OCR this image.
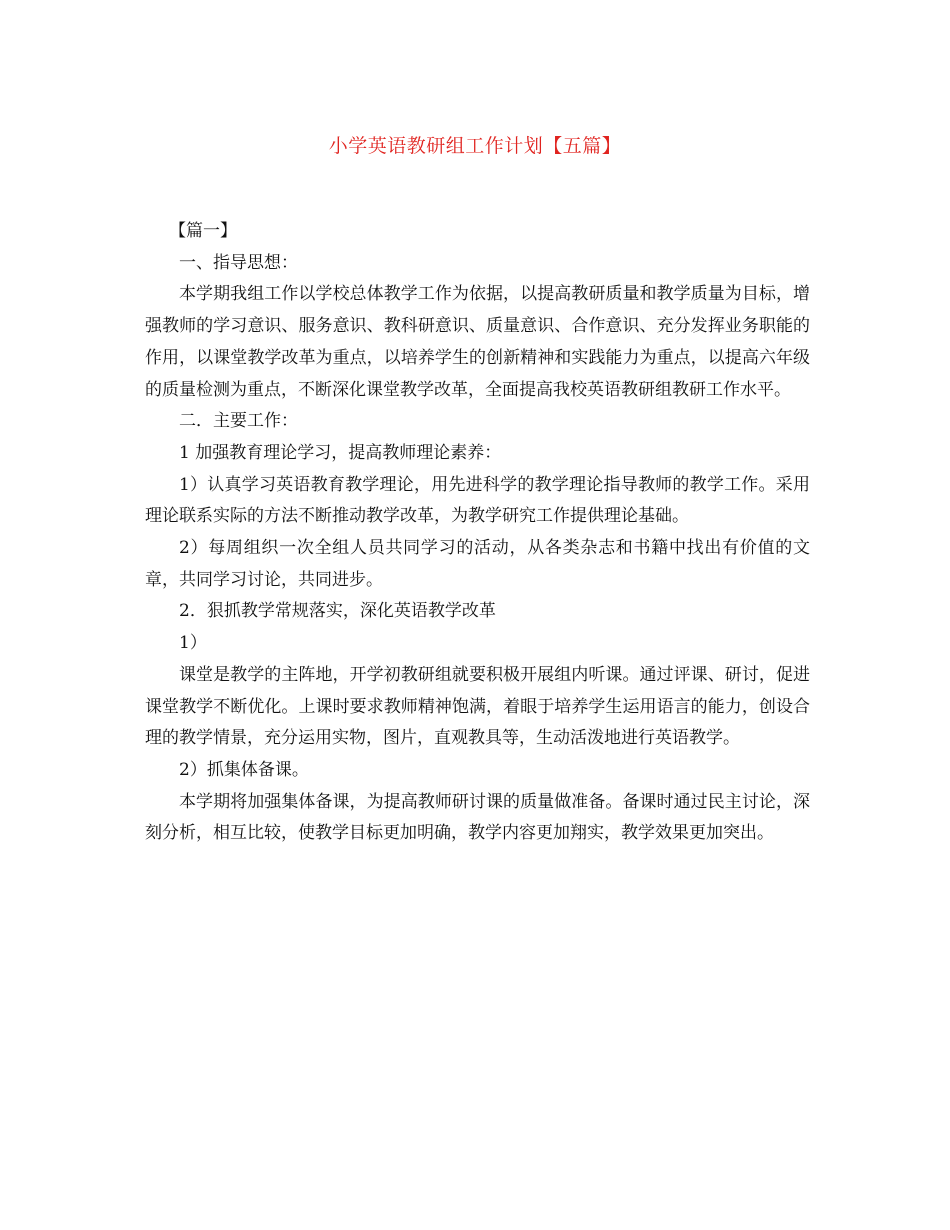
小学英语教研组工作计划【五篇】

【篇一】

一、指导思想：

本学期我组工作以学校总体教学工作为依据，以提高教研质量和教学质量为目标，增强教师的学习意识、服务意识、教科研意识、质量意识、合作意识、充分发挥业务职能的作用，以课堂教学改革为重点，以培养学生的创新精神和实践能力为重点，以提高六年级的质量检测为重点，不断深化课堂教学改革，全面提高我校英语教研组教研工作水平。

二．主要工作：

1 加强教育理论学习，提高教师理论素养：

1）认真学习英语教育教学理论，用先进科学的教学理论指导教师的教学工作。采用理论联系实际的方法不断推动教学改革，为教学研究工作提供理论基础。

2）每周组织一次全组人员共同学习的活动，从各类杂志和书籍中找出有价值的文章，共同学习讨论，共同进步。

2．狠抓教学常规落实，深化英语教学改革

1）

课堂是教学的主阵地，开学初教研组就要积极开展组内听课。通过评课、研讨，促进课堂教学不断优化。上课时要求教师精神饱满，着眼于培养学生运用语言的能力，创设合理的教学情景，充分运用实物，图片，直观教具等，生动活泼地进行英语教学。

2）抓集体备课。

本学期将加强集体备课，为提高教师研讨课的质量做准备。备课时通过民主讨论，深刻分析，相互比较，使教学目标更加明确，教学内容更加翔实，教学效果更加突出。
